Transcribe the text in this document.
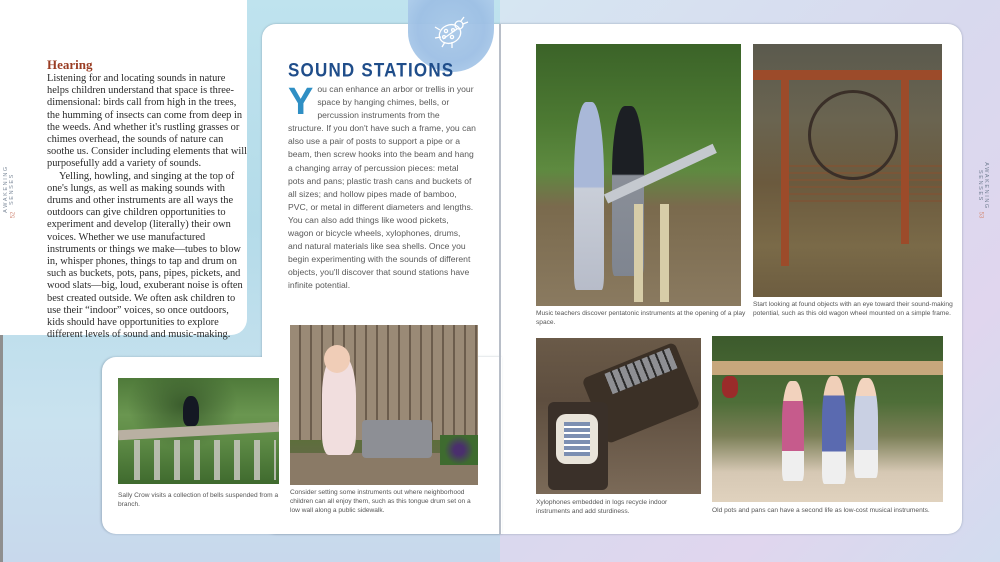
AWAKENING SENSES
52
AWAKENING SENSES
53
Hearing

Listening for and locating sounds in nature helps children understand that space is three-dimensional: birds call from high in the trees, the humming of insects can come from deep in the weeds. And whether it's rustling grasses or chimes overhead, the sounds of nature can soothe us. Consider including elements that will purposefully add a variety of sounds.

Yelling, howling, and singing at the top of one's lungs, as well as making sounds with drums and other instruments are all ways the outdoors can give children opportunities to experiment and develop (literally) their own voices. Whether we use manufactured instruments or things we make—tubes to blow in, whisper phones, things to tap and drum on such as buckets, pots, pans, pipes, pickets, and wood slats—big, loud, exuberant noise is often best created outside. We often ask children to use their “indoor” voices, so once outdoors, kids should have opportunities to explore different levels of sound and music-making.

SOUND STATIONS
You can enhance an arbor or trellis in your space by hanging chimes, bells, or percussion instruments from the structure. If you don't have such a frame, you can also use a pair of posts to support a pipe or a beam, then screw hooks into the beam and hang a changing array of percussion pieces: metal pots and pans; plastic trash cans and buckets of all sizes; and hollow pipes made of bamboo, PVC, or metal in different diameters and lengths. You can also add things like wood pickets, wagon or bicycle wheels, xylophones, drums, and natural materials like sea shells. Once you begin experimenting with the sounds of different objects, you'll discover that sound stations have infinite potential.
Sally Crow visits a collection of bells suspended from a branch.
Consider setting some instruments out where neighborhood children can all enjoy them, such as this tongue drum set on a low wall along a public sidewalk.
Music teachers discover pentatonic instruments at the opening of a play space.
Start looking at found objects with an eye toward their sound-making potential, such as this old wagon wheel mounted on a simple frame.
Xylophones embedded in logs recycle indoor instruments and add sturdiness.	Old pots and pans can have a second life as low-cost musical instruments.
